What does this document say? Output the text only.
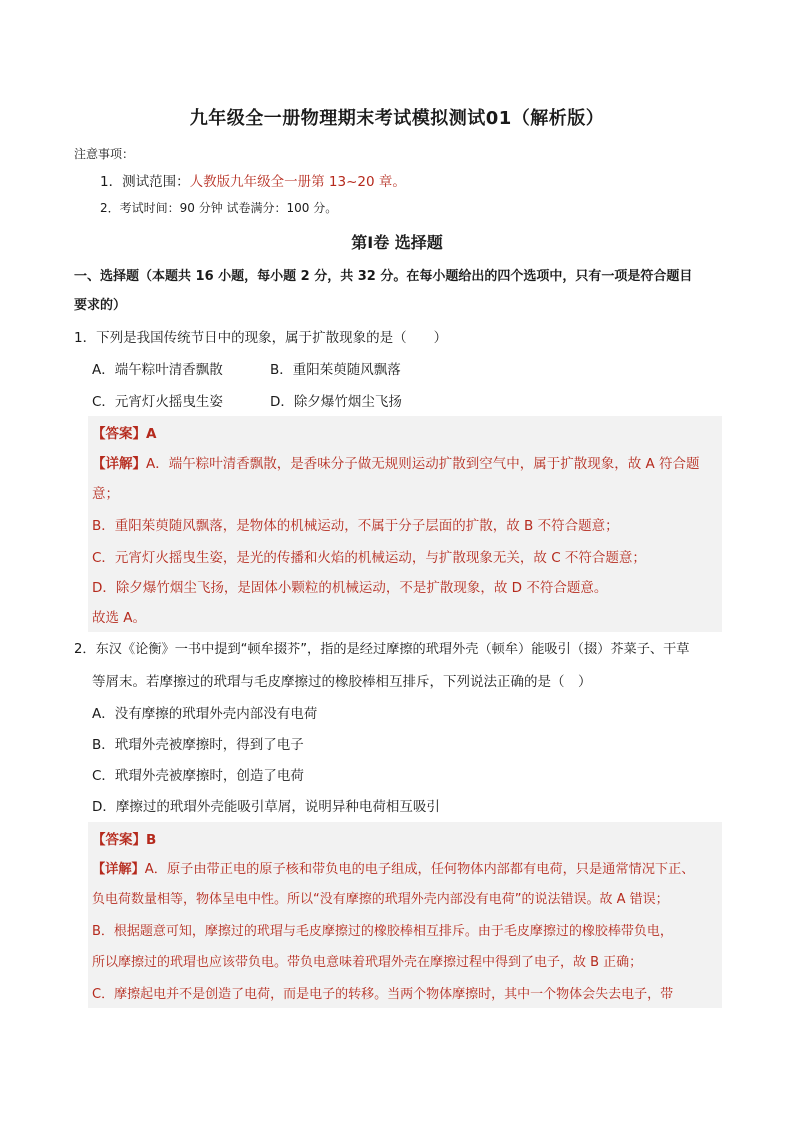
九年级全一册物理期末考试模拟测试01（解析版）
注意事项：
1．测试范围：人教版九年级全一册第 13~20 章。
2．考试时间：90 分钟 试卷满分：100 分。
第Ⅰ卷 选择题
一、选择题（本题共 16 小题，每小题 2 分，共 32 分。在每小题给出的四个选项中，只有一项是符合题目
要求的）
1．下列是我国传统节日中的现象，属于扩散现象的是（　　）
A．端午粽叶清香飘散	B．重阳茱萸随风飘落
C．元宵灯火摇曳生姿	D．除夕爆竹烟尘飞扬
【答案】A
【详解】A．端午粽叶清香飘散，是香味分子做无规则运动扩散到空气中，属于扩散现象，故 A 符合题
意；
B．重阳茱萸随风飘落，是物体的机械运动，不属于分子层面的扩散，故 B 不符合题意；
C．元宵灯火摇曳生姿，是光的传播和火焰的机械运动，与扩散现象无关，故 C 不符合题意；
D．除夕爆竹烟尘飞扬，是固体小颗粒的机械运动，不是扩散现象，故 D 不符合题意。
故选 A。
2．东汉《论衡》一书中提到“顿牟掇芥”，指的是经过摩擦的玳瑁外壳（顿牟）能吸引（掇）芥菜子、干草
等屑末。若摩擦过的玳瑁与毛皮摩擦过的橡胶棒相互排斥，下列说法正确的是（　）
A．没有摩擦的玳瑁外壳内部没有电荷
B．玳瑁外壳被摩擦时，得到了电子
C．玳瑁外壳被摩擦时，创造了电荷
D．摩擦过的玳瑁外壳能吸引草屑，说明异种电荷相互吸引
【答案】B
【详解】A．原子由带正电的原子核和带负电的电子组成，任何物体内部都有电荷，只是通常情况下正、
负电荷数量相等，物体呈电中性。所以“没有摩擦的玳瑁外壳内部没有电荷”的说法错误。故 A 错误；
B．根据题意可知，摩擦过的玳瑁与毛皮摩擦过的橡胶棒相互排斥。由于毛皮摩擦过的橡胶棒带负电，
所以摩擦过的玳瑁也应该带负电。带负电意味着玳瑁外壳在摩擦过程中得到了电子，故 B 正确；
C．摩擦起电并不是创造了电荷，而是电子的转移。当两个物体摩擦时，其中一个物体会失去电子，带
